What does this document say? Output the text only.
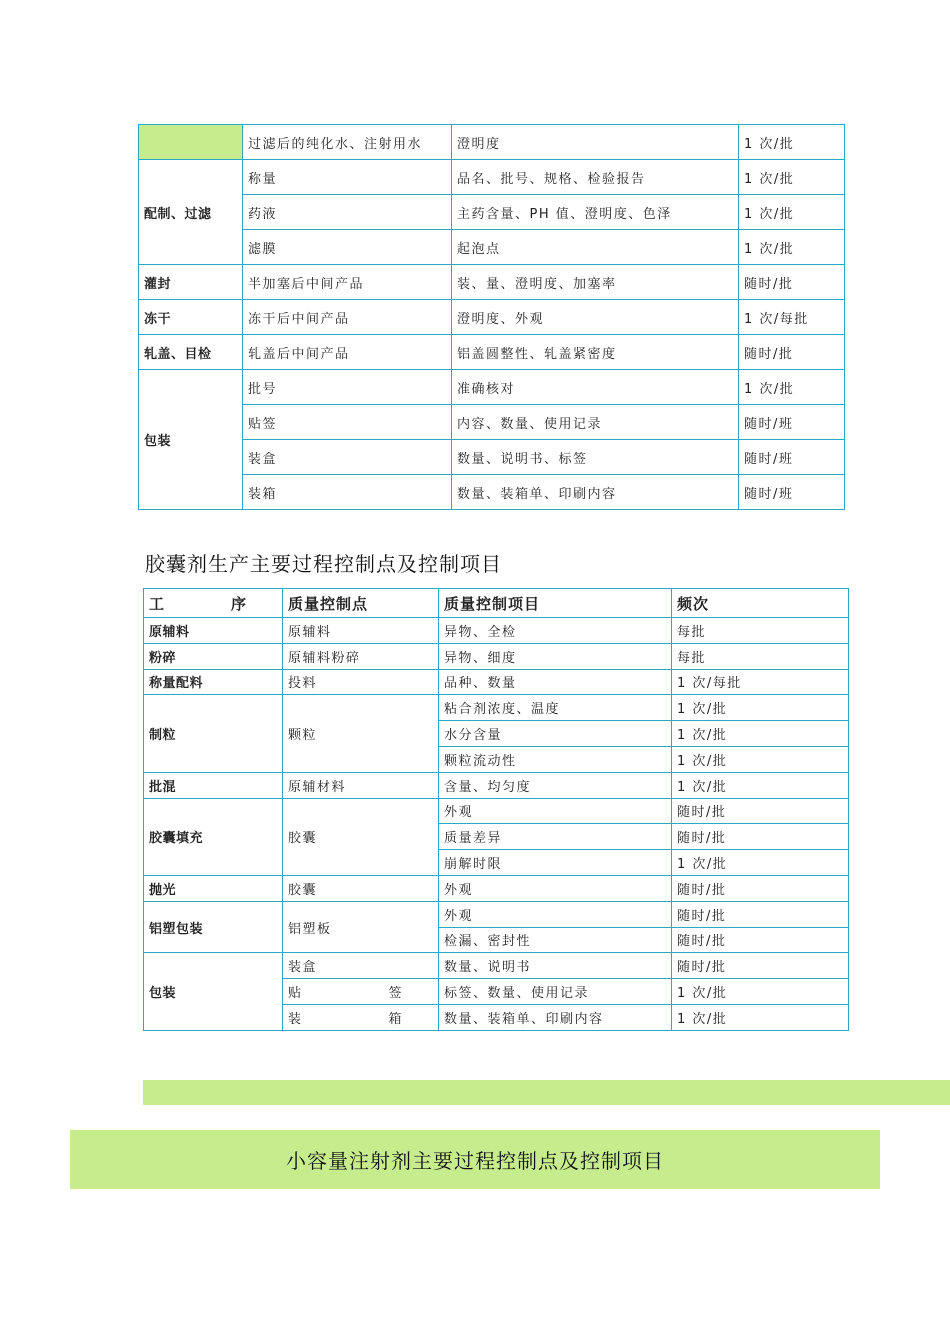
	过滤后的纯化水、注射用水	澄明度	1 次/批
配制、过滤	称量	品名、批号、规格、检验报告	1 次/批
	药液	主药含量、PH 值、澄明度、色泽	1 次/批
	滤膜	起泡点	1 次/批
灌封	半加塞后中间产品	装、量、澄明度、加塞率	随时/批
冻干	冻干后中间产品	澄明度、外观	1 次/每批
轧盖、目检	轧盖后中间产品	铝盖圆整性、轧盖紧密度	随时/批
包装	批号	准确核对	1 次/批
	贴签	内容、数量、使用记录	随时/班
	装盒	数量、说明书、标签	随时/班
	装箱	数量、装箱单、印刷内容	随时/班
胶囊剂生产主要过程控制点及控制项目
工 序	质量控制点	质量控制项目	频次
原辅料	原辅料	异物、全检	每批
粉碎	原辅料粉碎	异物、细度	每批
称量配料	投料	品种、数量	1 次/每批
制粒	颗粒	粘合剂浓度、温度	1 次/批
		水分含量	1 次/批
		颗粒流动性	1 次/批
批混	原辅材料	含量、均匀度	1 次/批
胶囊填充	胶囊	外观	随时/批
		质量差异	随时/批
		崩解时限	1 次/批
抛光	胶囊	外观	随时/批
铝塑包装	铝塑板	外观	随时/批
		检漏、密封性	随时/批
包装	装盒	数量、说明书	随时/批

	贴 签	标签、数量、使用记录	1 次/批

	装 箱	数量、装箱单、印刷内容	1 次/批
小容量注射剂主要过程控制点及控制项目
